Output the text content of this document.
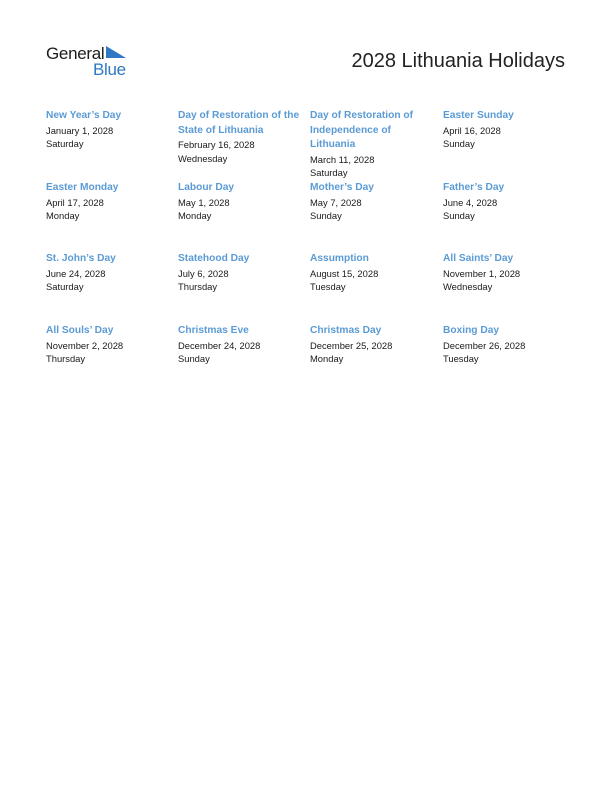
General
Blue	2028 Lithuania Holidays
New Year’s Day
January 1, 2028
Saturday
Day of Restoration of the State of Lithuania
February 16, 2028
Wednesday
Day of Restoration of Independence of Lithuania
March 11, 2028
Saturday
Easter Sunday
April 16, 2028
Sunday
Easter Monday
April 17, 2028
Monday
Labour Day
May 1, 2028
Monday
Mother’s Day
May 7, 2028
Sunday
Father’s Day
June 4, 2028
Sunday
St. John’s Day
June 24, 2028
Saturday
Statehood Day
July 6, 2028
Thursday
Assumption
August 15, 2028
Tuesday
All Saints’ Day
November 1, 2028
Wednesday
All Souls’ Day
November 2, 2028
Thursday
Christmas Eve
December 24, 2028
Sunday
Christmas Day
December 25, 2028
Monday
Boxing Day
December 26, 2028
Tuesday
